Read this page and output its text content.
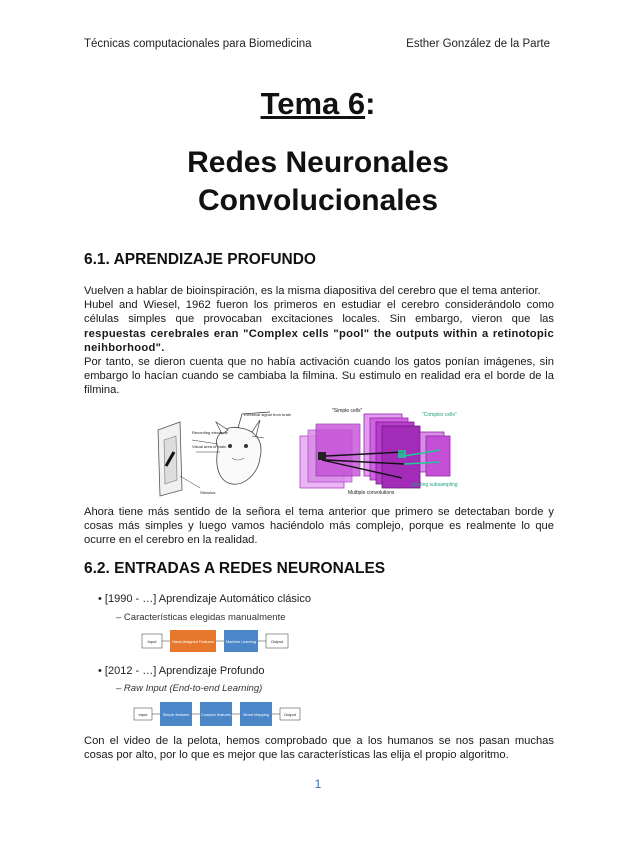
Técnicas computacionales para Biomedicina	Esther González de la Parte
Tema 6:
Redes Neuronales
Convolucionales
6.1. APRENDIZAJE PROFUNDO

Vuelven a hablar de bioinspiración, es la misma diapositiva del cerebro que el tema anterior.

Hubel and Wiesel, 1962 fueron los primeros en estudiar el cerebro considerándolo como células simples que provocaban excitaciones locales. Sin embargo, vieron que las respuestas cerebrales eran "Complex cells "pool" the outputs within a retinotopic neihborhood".

Por tanto, se dieron cuenta que no había activación cuando los gatos ponían imágenes, sin embargo lo hacían cuando se cambiaba la filmina. Su estimulo en realidad era el borde de la filmina.

Electrical signal from brain
Recording electrode
Visual area of brain
Stimulus
"Simple cells"
"Complex cells"
Multiple convolutions
pooling subsampling
Ahora tiene más sentido de la señora el tema anterior que primero se detectaban borde y cosas más simples y luego vamos haciéndolo más complejo, porque es realmente lo que ocurre en el cerebro en la realidad.
6.2. ENTRADAS A REDES NEURONALES
• [1990 - …] Aprendizaje Automático clásico
– Características elegidas manualmente
Input	Hand-designed Features	Machine Learning	Output
• [2012 - …] Aprendizaje Profundo
– Raw Input (End-to-end Learning)
Input	Simple features	Complex features	Mixed Mapping	Output
Con el video de la pelota, hemos comprobado que a los humanos se nos pasan muchas cosas por alto, por lo que es mejor que las características las elija el propio algoritmo.
1
